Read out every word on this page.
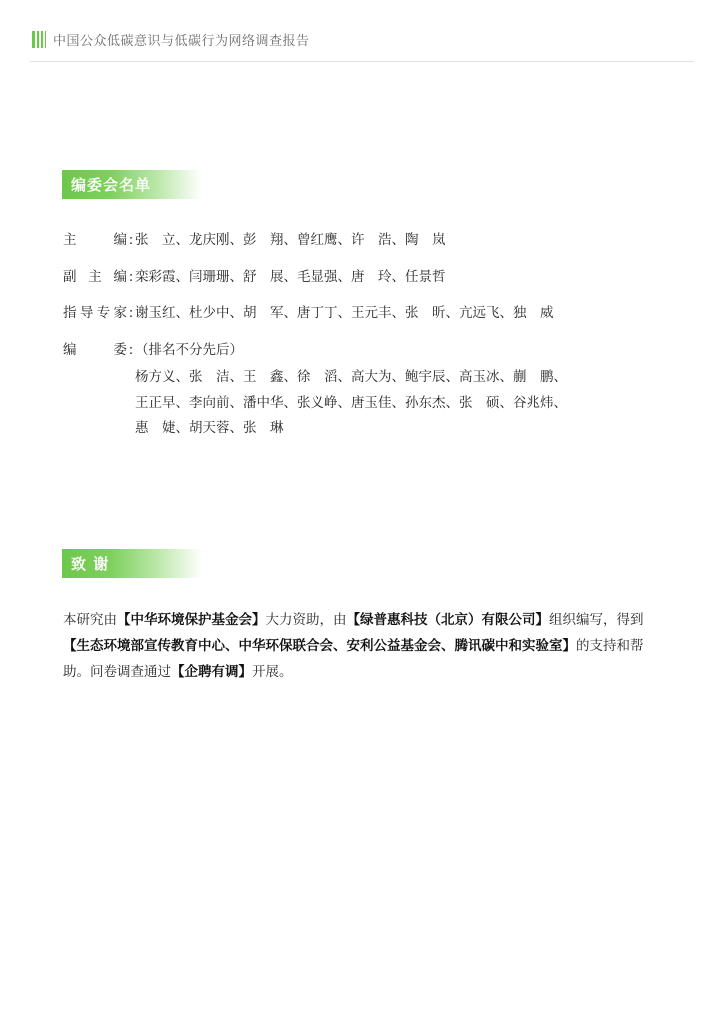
中国公众低碳意识与低碳行为网络调查报告
编委会名单
主	编 : 张　立、龙庆刚、彭　翔、曾红鹰、许　浩、陶　岚
副 主 编 : 栾彩霞、闫珊珊、舒　展、毛显强、唐　玲、任景哲
指 导 专 家 : 谢玉红、杜少中、胡　军、唐丁丁、王元丰、张　昕、亢远飞、独　威
编	委 : （排名不分先后）
杨方义、张　洁、王　鑫、徐　滔、高大为、鲍宇辰、高玉冰、蒯　鹏、
王正早、李向前、潘中华、张义峥、唐玉佳、孙东杰、张　硕、谷兆炜、
惠　婕、胡天蓉、张　琳
致 谢
本研究由【中华环境保护基金会】大力资助，由【绿普惠科技（北京）有限公司】组织编写，得到【生态环境部宣传教育中心、中华环保联合会、安利公益基金会、腾讯碳中和实验室】的支持和帮助。问卷调查通过【企聘有调】开展。
